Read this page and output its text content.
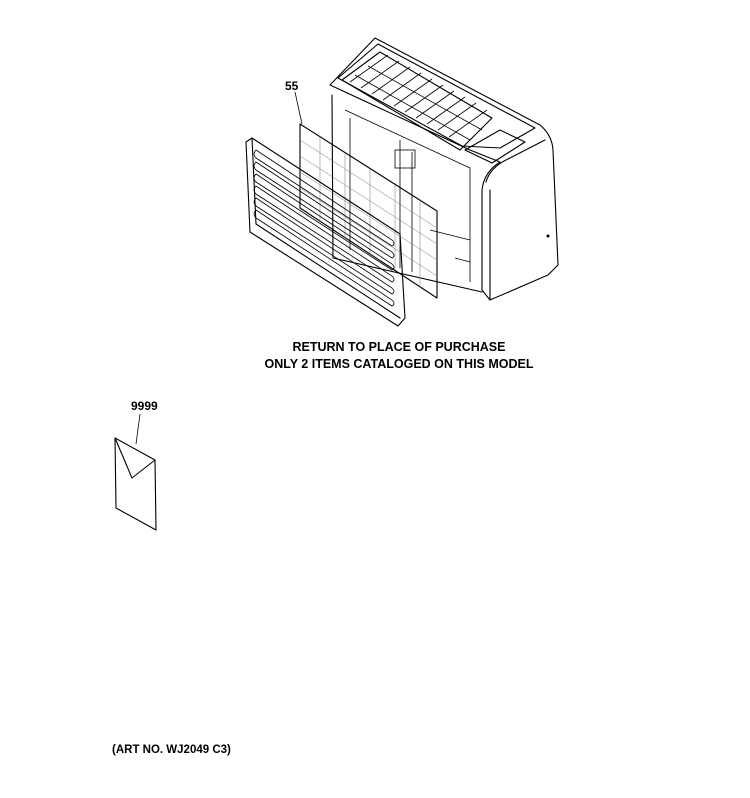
55
9999
RETURN TO PLACE OF PURCHASE
ONLY 2 ITEMS CATALOGED ON THIS MODEL
(ART NO. WJ2049 C3)
